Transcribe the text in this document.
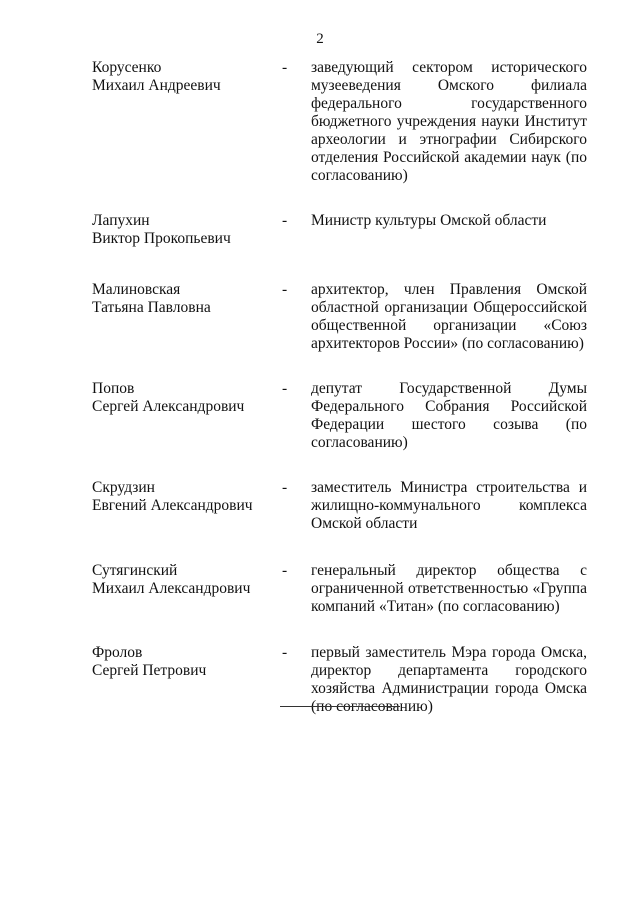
2
Корусенко
Михаил Андреевич
-	заведующий сектором исторического музееведения Омского филиала федерального государственного бюджетного учреждения науки Институт археологии и этнографии Сибирского отделения Российской академии наук (по согласованию)
Лапухин
Виктор Прокопьевич
-	Министр культуры Омской области
Малиновская
Татьяна Павловна
-	архитектор, член Правления Омской областной организации Общероссийской общественной организации «Союз архитекторов России» (по согласованию)
Попов
Сергей Александрович
-	депутат Государственной Думы Федерального Собрания Российской Федерации шестого созыва (по согласованию)
Скрудзин
Евгений Александрович
-	заместитель Министра строительства и жилищно-коммунального комплекса Омской области
Сутягинский
Михаил Александрович
-	генеральный директор общества с ограниченной ответственностью «Группа компаний «Титан» (по согласованию)
Фролов
Сергей Петрович
-	первый заместитель Мэра города Омска, директор департамента городского хозяйства Администрации города Омска (по согласованию)
